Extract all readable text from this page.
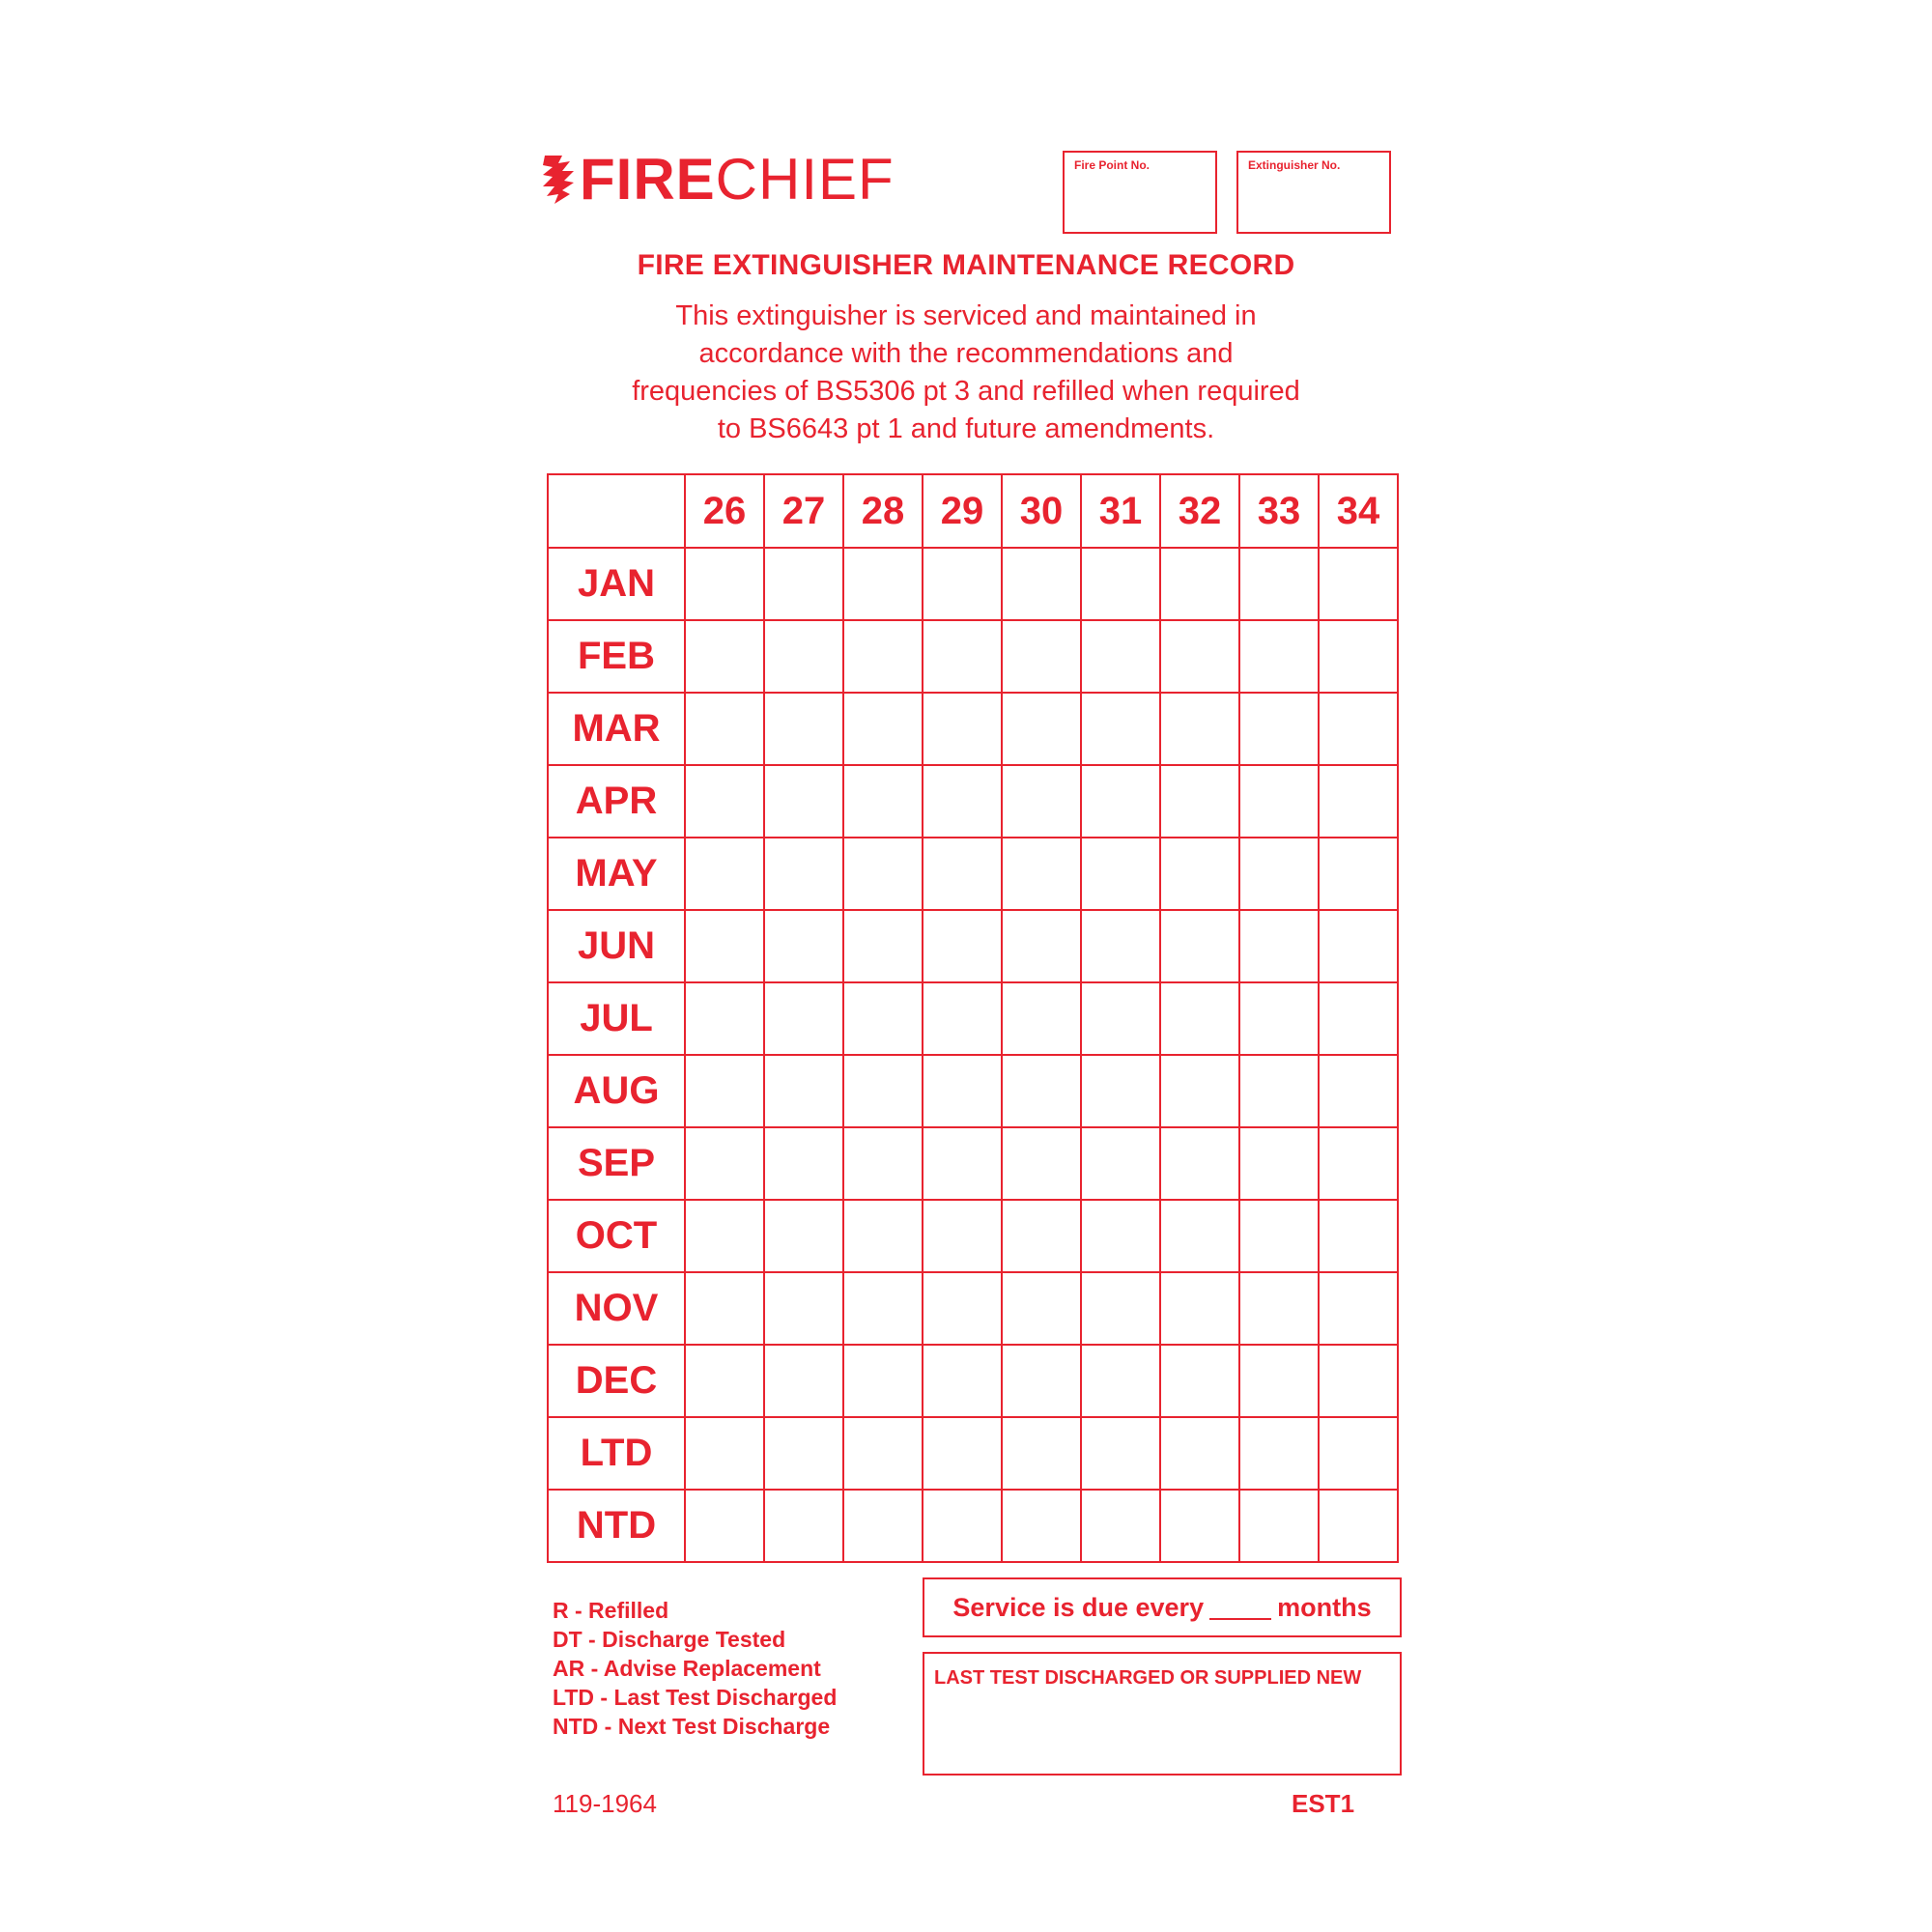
FIRE CHIEF	Fire Point No.	Extinguisher No.
FIRE EXTINGUISHER MAINTENANCE RECORD
This extinguisher is serviced and maintained in
accordance with the recommendations and
frequencies of BS5306 pt 3 and refilled when required
to BS6643 pt 1 and future amendments.
	26	27	28	29	30	31	32	33	34
JAN									
FEB									
MAR									
APR									
MAY									
JUN									
JUL									
AUG									
SEP									
OCT									
NOV									
DEC									
LTD									
NTD									
R - Refilled
DT - Discharge Tested
AR - Advise Replacement
LTD - Last Test Discharged
NTD - Next Test Discharge
Service is due every	months
LAST TEST DISCHARGED OR SUPPLIED NEW
119-1964	EST1
